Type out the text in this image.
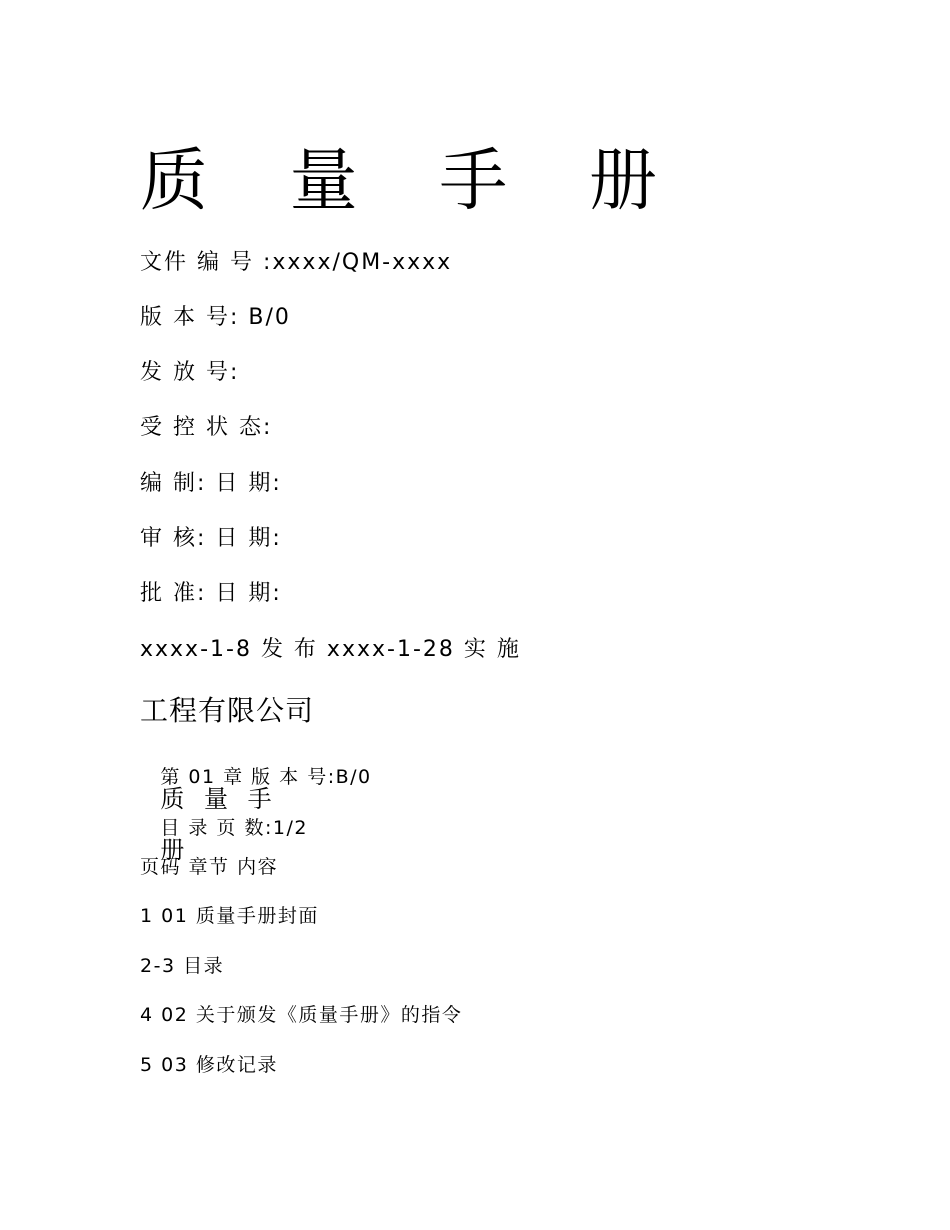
质 量 手 册
文件 编 号 :xxxx/QM-xxxx
版 本 号: B/0
发 放 号:
受 控 状 态:
编 制: 日 期:
审 核: 日 期:
批 准: 日 期:
xxxx-1-8 发 布 xxxx-1-28 实 施
工程有限公司

第 01 章 版 本 号:B/0
质 量 手

目 录 页 数:1/2
册

页码 章节 内容
1 01 质量手册封面
2-3 目录
4 02 关于颁发《质量手册》的指令
5 03 修改记录
